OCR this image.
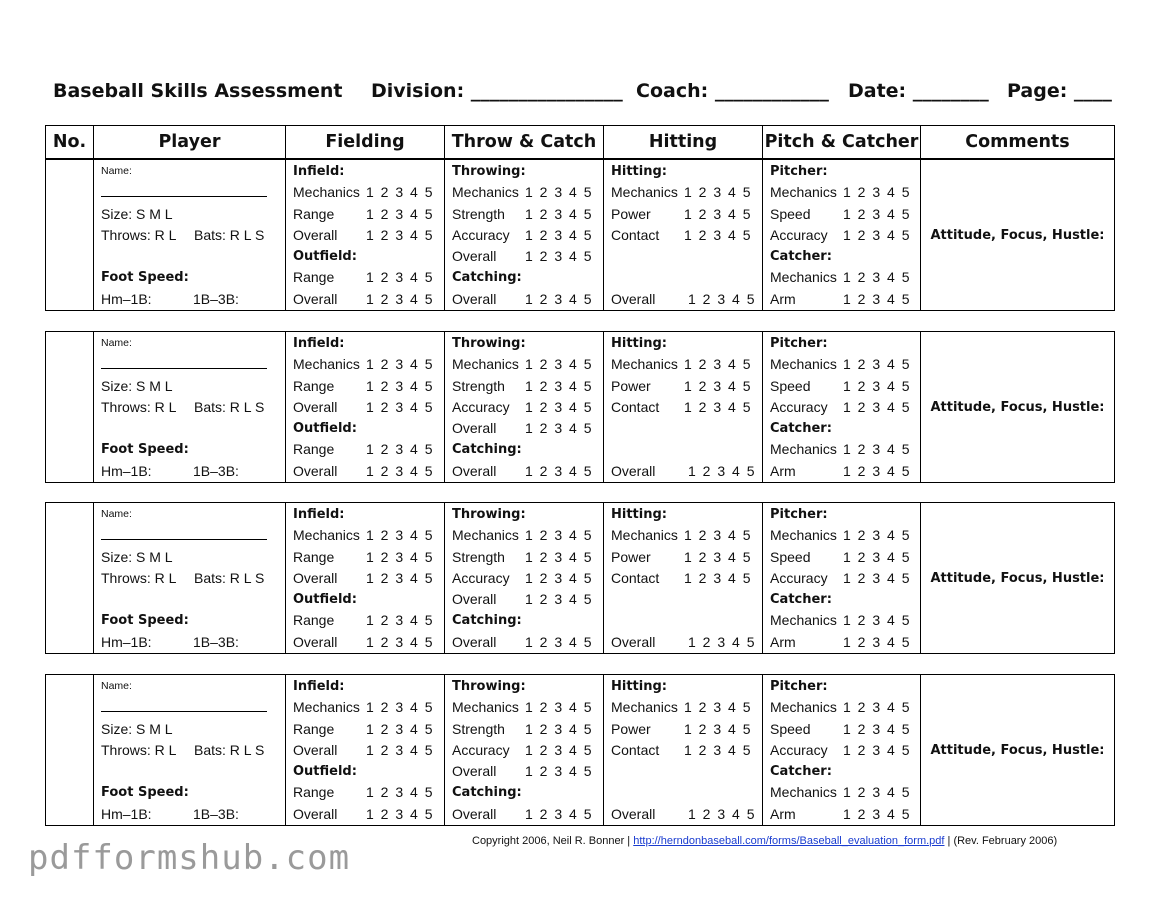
Baseball Skills Assessment Division: ________________ Coach: ____________ Date: ________ Page: ____
No.	Player	Fielding	Throw & Catch	Hitting	Pitch & Catcher	Comments
Copyright 2006, Neil R. Bonner | http://herndonbaseball.com/forms/Baseball_evaluation_form.pdf | (Rev. February 2006)
pdfformshub.com

Name:
Size: S M L
Throws: R L Bats: R L S
Foot Speed:
Hm–1B:	1B–3B:

Infield:
Mechanics 1 2 3 4 5
Range 1 2 3 4 5
Overall 1 2 3 4 5
Outfield:
Range 1 2 3 4 5
Overall 1 2 3 4 5

Throwing:
Mechanics 1 2 3 4 5
Strength 1 2 3 4 5
Accuracy 1 2 3 4 5
Overall 1 2 3 4 5
Catching:
Overall 1 2 3 4 5

Hitting:
Mechanics 1 2 3 4 5
Power 1 2 3 4 5
Contact 1 2 3 4 5
Overall 1 2 3 4 5

Pitcher:
Mechanics 1 2 3 4 5
Speed 1 2 3 4 5
Accuracy 1 2 3 4 5
Catcher:
Mechanics 1 2 3 4 5
Arm	1 2 3 4 5
	Attitude, Focus, Hustle:

Name:
Size: S M L
Throws: R L Bats: R L S
Foot Speed:
Hm–1B:	1B–3B:

Infield:
Mechanics 1 2 3 4 5
Range 1 2 3 4 5
Overall 1 2 3 4 5
Outfield:
Range 1 2 3 4 5
Overall 1 2 3 4 5

Throwing:
Mechanics 1 2 3 4 5
Strength 1 2 3 4 5
Accuracy 1 2 3 4 5
Overall 1 2 3 4 5
Catching:
Overall 1 2 3 4 5

Hitting:
Mechanics 1 2 3 4 5
Power 1 2 3 4 5
Contact 1 2 3 4 5
Overall 1 2 3 4 5

Pitcher:
Mechanics 1 2 3 4 5
Speed 1 2 3 4 5
Accuracy 1 2 3 4 5
Catcher:
Mechanics 1 2 3 4 5
Arm	1 2 3 4 5
	Attitude, Focus, Hustle:

Name:
Size: S M L
Throws: R L Bats: R L S
Foot Speed:
Hm–1B:	1B–3B:

Infield:
Mechanics 1 2 3 4 5
Range 1 2 3 4 5
Overall 1 2 3 4 5
Outfield:
Range 1 2 3 4 5
Overall 1 2 3 4 5

Throwing:
Mechanics 1 2 3 4 5
Strength 1 2 3 4 5
Accuracy 1 2 3 4 5
Overall 1 2 3 4 5
Catching:
Overall 1 2 3 4 5

Hitting:
Mechanics 1 2 3 4 5
Power 1 2 3 4 5
Contact 1 2 3 4 5
Overall 1 2 3 4 5

Pitcher:
Mechanics 1 2 3 4 5
Speed 1 2 3 4 5
Accuracy 1 2 3 4 5
Catcher:
Mechanics 1 2 3 4 5
Arm	1 2 3 4 5
	Attitude, Focus, Hustle:

Name:
Size: S M L
Throws: R L Bats: R L S
Foot Speed:
Hm–1B:	1B–3B:

Infield:
Mechanics 1 2 3 4 5
Range 1 2 3 4 5
Overall 1 2 3 4 5
Outfield:
Range 1 2 3 4 5
Overall 1 2 3 4 5

Throwing:
Mechanics 1 2 3 4 5
Strength 1 2 3 4 5
Accuracy 1 2 3 4 5
Overall 1 2 3 4 5
Catching:
Overall 1 2 3 4 5

Hitting:
Mechanics 1 2 3 4 5
Power 1 2 3 4 5
Contact 1 2 3 4 5
Overall 1 2 3 4 5

Pitcher:
Mechanics 1 2 3 4 5
Speed 1 2 3 4 5
Accuracy 1 2 3 4 5
Catcher:
Mechanics 1 2 3 4 5
Arm	1 2 3 4 5
	Attitude, Focus, Hustle:
